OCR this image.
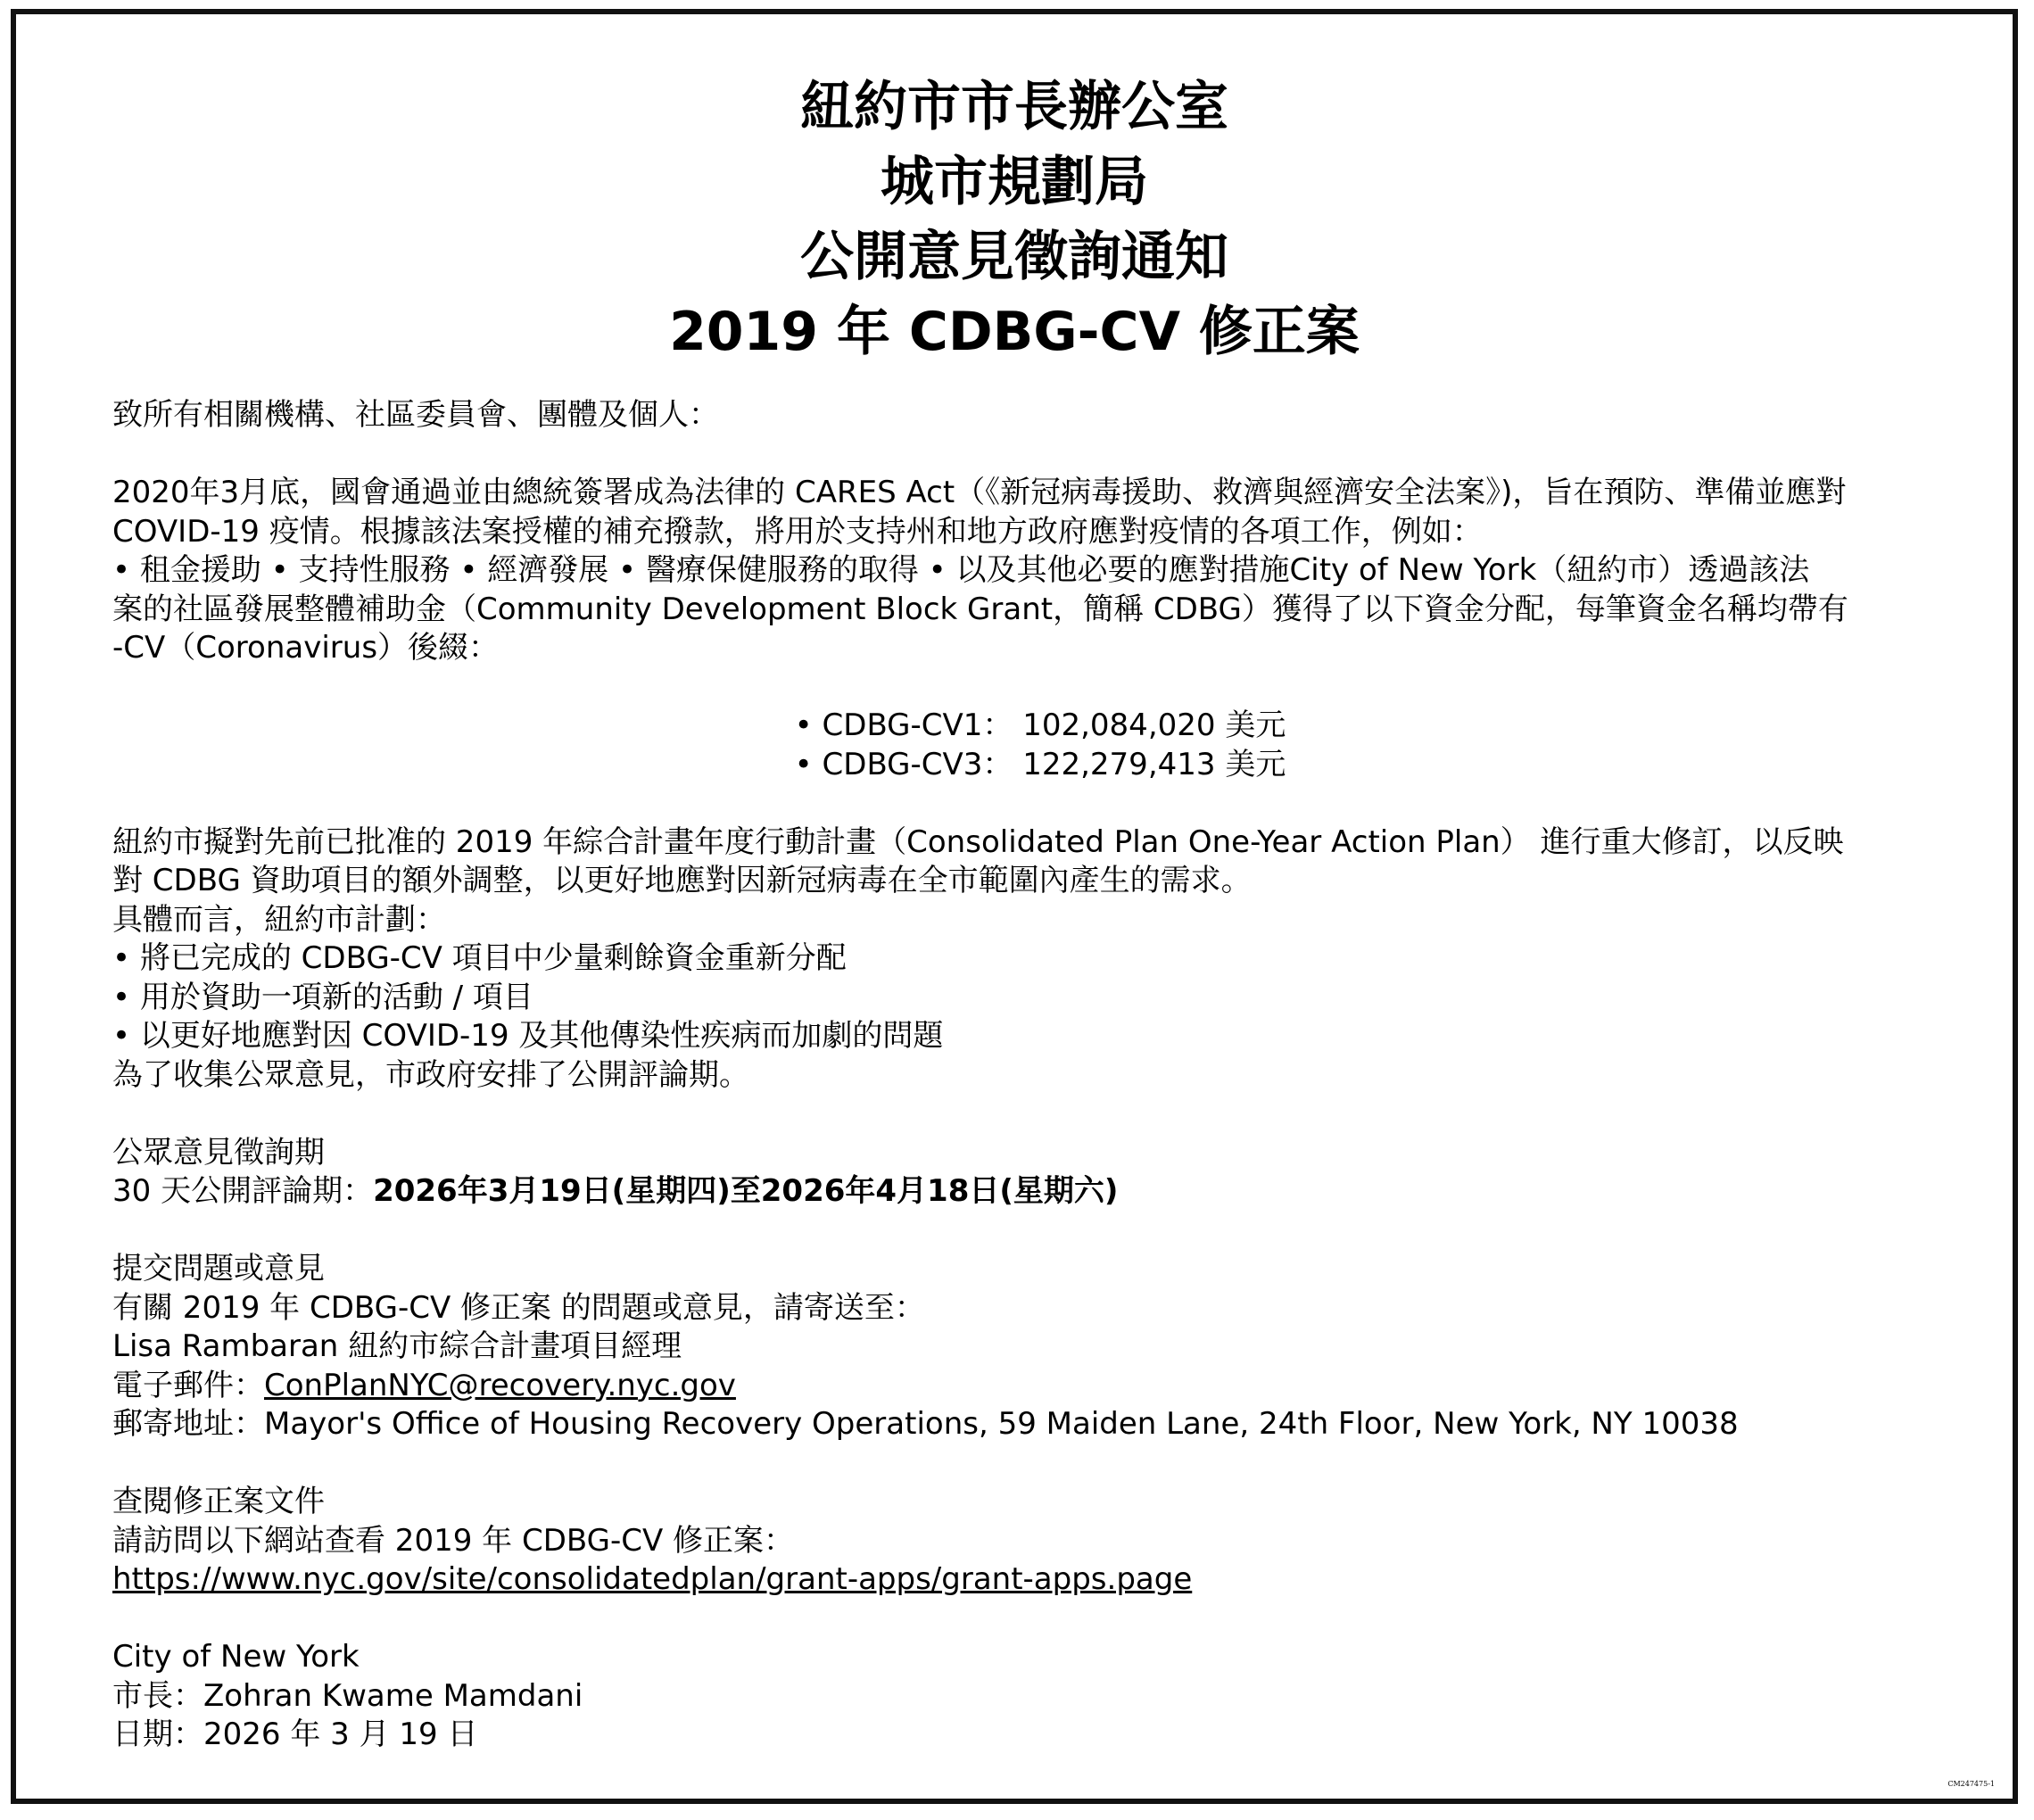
紐約市市長辦公室
城市規劃局
公開意見徵詢通知
2019 年 CDBG-CV 修正案
致所有相關機構、社區委員會、團體及個人：
2020年3月底，國會通過並由總統簽署成為法律的 CARES Act（《新冠病毒援助、救濟與經濟安全法案》)，旨在預防、準備並應對
COVID-19 疫情。根據該法案授權的補充撥款，將用於支持州和地方政府應對疫情的各項工作，例如：
• 租金援助 • 支持性服務 • 經濟發展 • 醫療保健服務的取得 • 以及其他必要的應對措施City of New York（紐約市）透過該法
案的社區發展整體補助金（Community Development Block Grant，簡稱 CDBG）獲得了以下資金分配，每筆資金名稱均帶有
-CV（Coronavirus）後綴：
• CDBG-CV1： 102,084,020 美元
• CDBG-CV3： 122,279,413 美元
紐約市擬對先前已批准的 2019 年綜合計畫年度行動計畫（Consolidated Plan One-Year Action Plan） 進行重大修訂，以反映
對 CDBG 資助項目的額外調整，以更好地應對因新冠病毒在全市範圍內產生的需求。
具體而言，紐約市計劃：
• 將已完成的 CDBG-CV 項目中少量剩餘資金重新分配
• 用於資助一項新的活動 / 項目
• 以更好地應對因 COVID-19 及其他傳染性疾病而加劇的問題
為了收集公眾意見，市政府安排了公開評論期。
公眾意見徵詢期
30 天公開評論期：2026年3月19日(星期四)至2026年4月18日(星期六)
提交問題或意見
有關 2019 年 CDBG-CV 修正案 的問題或意見，請寄送至：
Lisa Rambaran 紐約市綜合計畫項目經理
電子郵件：ConPlanNYC@recovery.nyc.gov
郵寄地址：Mayor's Office of Housing Recovery Operations, 59 Maiden Lane, 24th Floor, New York, NY 10038
查閱修正案文件
請訪問以下網站查看 2019 年 CDBG-CV 修正案：
https://www.nyc.gov/site/consolidatedplan/grant-apps/grant-apps.page
City of New York
市長：Zohran Kwame Mamdani
日期：2026 年 3 月 19 日
CM247475-1
